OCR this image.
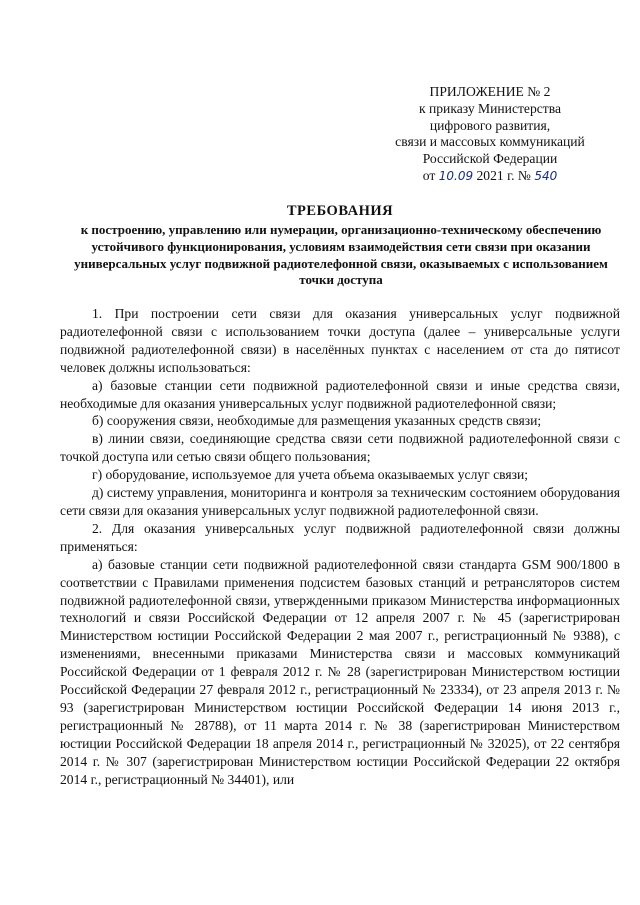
ПРИЛОЖЕНИЕ № 2
к приказу Министерства
цифрового развития,
связи и массовых коммуникаций
Российской Федерации
от 10.09 2021 г. № 540
ТРЕБОВАНИЯ
к построению, управлению или нумерации, организационно-техническому обеспечению устойчивого функционирования, условиям взаимодействия сети связи при оказании универсальных услуг подвижной радиотелефонной связи, оказываемых с использованием точки доступа

1. При построении сети связи для оказания универсальных услуг подвижной радиотелефонной связи с использованием точки доступа (далее – универсальные услуги подвижной радиотелефонной связи) в населённых пунктах с населением от ста до пятисот человек должны использоваться:

а) базовые станции сети подвижной радиотелефонной связи и иные средства связи, необходимые для оказания универсальных услуг подвижной радиотелефонной связи;

б) сооружения связи, необходимые для размещения указанных средств связи;

в) линии связи, соединяющие средства связи сети подвижной радиотелефонной связи с точкой доступа или сетью связи общего пользования;

г) оборудование, используемое для учета объема оказываемых услуг связи;

д) систему управления, мониторинга и контроля за техническим состоянием оборудования сети связи для оказания универсальных услуг подвижной радиотелефонной связи.

2. Для оказания универсальных услуг подвижной радиотелефонной связи должны применяться:

а) базовые станции сети подвижной радиотелефонной связи стандарта GSM 900/1800 в соответствии с Правилами применения подсистем базовых станций и ретрансляторов систем подвижной радиотелефонной связи, утвержденными приказом Министерства информационных технологий и связи Российской Федерации от 12 апреля 2007 г. № 45 (зарегистрирован Министерством юстиции Российской Федерации 2 мая 2007 г., регистрационный № 9388), с изменениями, внесенными приказами Министерства связи и массовых коммуникаций Российской Федерации от 1 февраля 2012 г. № 28 (зарегистрирован Министерством юстиции Российской Федерации 27 февраля 2012 г., регистрационный № 23334), от 23 апреля 2013 г. № 93 (зарегистрирован Министерством юстиции Российской Федерации 14 июня 2013 г., регистрационный № 28788), от 11 марта 2014 г. № 38 (зарегистрирован Министерством юстиции Российской Федерации 18 апреля 2014 г., регистрационный № 32025), от 22 сентября 2014 г. № 307 (зарегистрирован Министерством юстиции Российской Федерации 22 октября 2014 г., регистрационный № 34401), или
